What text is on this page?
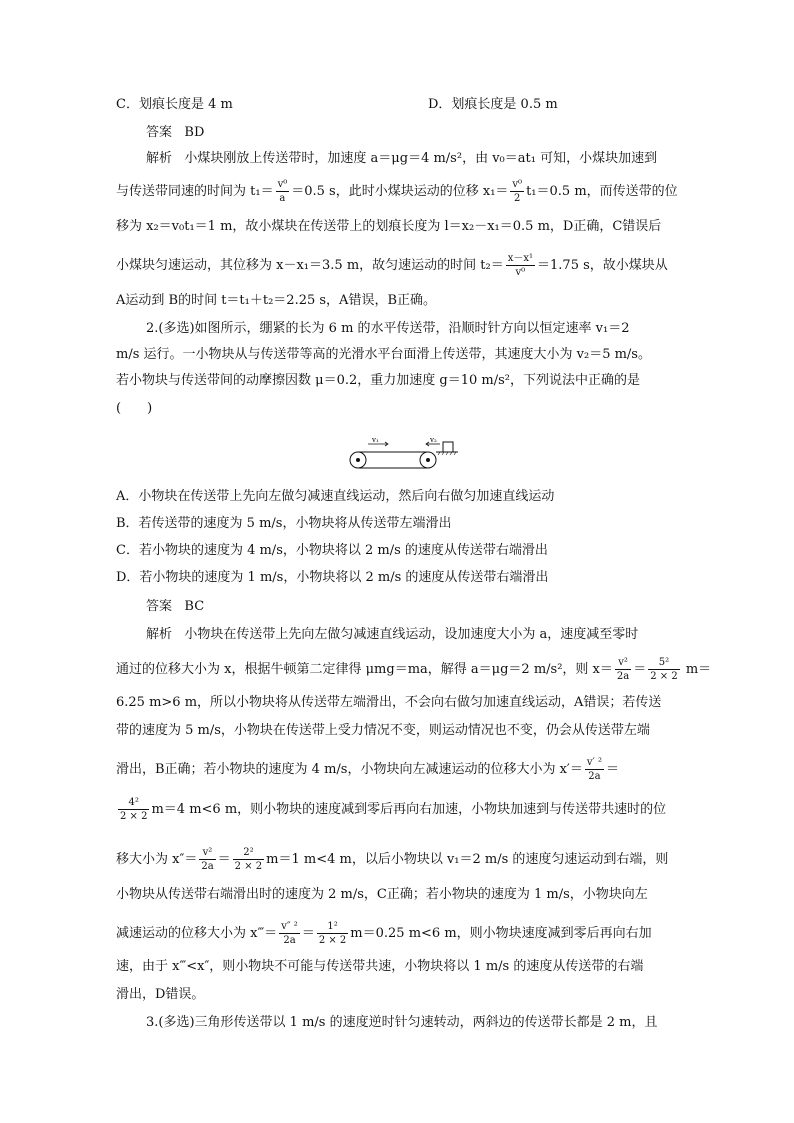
C．划痕长度是 4 m	D．划痕长度是 0.5 m
答案 BD
解析 小煤块刚放上传送带时，加速度 a＝μg＝4 m/s²，由 v₀＝at₁ 可知，小煤块加速到
与传送带同速的时间为 $t_1= \frac{\text{v⁰}}{a} =0.5$ s，此时小煤块运动的位移 $x_1= \frac{\text{v⁰}}{2} t_1=0.5$ m，而传送带的位
移为 x₂＝v₀t₁＝1 m，故小煤块在传送带上的划痕长度为 l＝x₂－x₁＝0.5 m，D正确，C错误后
小煤块匀速运动，其位移为 x－x₁＝3.5 m，故匀速运动的时间 $t_2= \frac{\text{x－x¹}}{\text{v⁰}} =1.75$ s，故小煤块从
A运动到 B的时间 t＝t₁＋t₂＝2.25 s，A错误，B正确。
2.(多选)如图所示，绷紧的长为 6 m 的水平传送带，沿顺时针方向以恒定速率 v₁＝2
m/s 运行。一小物块从与传送带等高的光滑水平台面滑上传送带，其速度大小为 v₂＝5 m/s。
若小物块与传送带间的动摩擦因数 μ＝0.2，重力加速度 g＝10 m/s²，下列说法中正确的是
(　　)
v₁	v₂
A．小物块在传送带上先向左做匀减速直线运动，然后向右做匀加速直线运动
B．若传送带的速度为 5 m/s，小物块将从传送带左端滑出
C．若小物块的速度为 4 m/s，小物块将以 2 m/s 的速度从传送带右端滑出
D．若小物块的速度为 1 m/s，小物块将以 2 m/s 的速度从传送带右端滑出
答案 BC
解析 小物块在传送带上先向左做匀减速直线运动，设加速度大小为 a，速度减至零时
通过的位移大小为 x，根据牛顿第二定律得 μmg＝ma，解得 a＝μg＝2 m/s²，则 $x= \frac{\text{v²}}{2a} = \frac{\text{5²}}{2 \times 2} m=$
6.25 m>6 m，所以小物块将从传送带左端滑出，不会向右做匀加速直线运动，A错误；若传送
带的速度为 5 m/s，小物块在传送带上受力情况不变，则运动情况也不变，仍会从传送带左端
滑出，B正确；若小物块的速度为 4 m/s，小物块向左减速运动的位移大小为 $x'= \frac{\text{v′ ²}}{2a}$ ＝
$\frac{\text{4²}}{2 \times 2} m=4$ m<6 m，则小物块的速度减到零后再向右加速，小物块加速到与传送带共速时的位
移大小为 $x''= \frac{\text{v²}}{2a} = \frac{\text{2²}}{2 \times 2} m=1$ m<4 m，以后小物块以 v₁＝2 m/s 的速度匀速运动到右端，则
小物块从传送带右端滑出时的速度为 2 m/s，C正确；若小物块的速度为 1 m/s，小物块向左
减速运动的位移大小为 x‴＝ $\frac{\text{v″ ²}}{2a} = \frac{\text{1²}}{2 \times 2} m=0.25$ m<6 m，则小物块速度减到零后再向右加
速，由于 x‴<x″，则小物块不可能与传送带共速，小物块将以 1 m/s 的速度从传送带的右端
滑出，D错误。
3.(多选)三角形传送带以 1 m/s 的速度逆时针匀速转动，两斜边的传送带长都是 2 m，且
